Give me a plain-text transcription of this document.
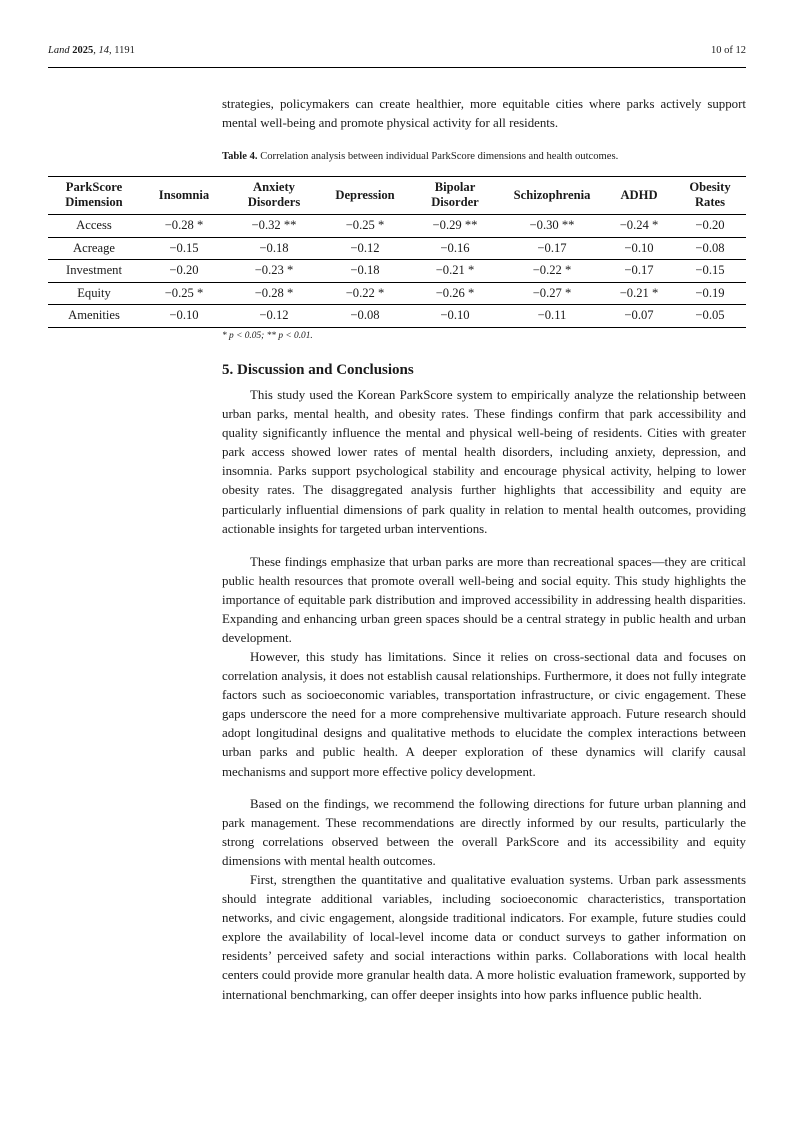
Land 2025, 14, 1191	10 of 12
strategies, policymakers can create healthier, more equitable cities where parks actively support mental well-being and promote physical activity for all residents.
Table 4. Correlation analysis between individual ParkScore dimensions and health outcomes.
ParkScore Dimension	Insomnia	Anxiety Disorders	Depression	Bipolar Disorder	Schizophrenia	ADHD	Obesity Rates
Access	−0.28 *	−0.32 **	−0.25 *	−0.29 **	−0.30 **	−0.24 *	−0.20
Acreage	−0.15	−0.18	−0.12	−0.16	−0.17	−0.10	−0.08
Investment	−0.20	−0.23 *	−0.18	−0.21 *	−0.22 *	−0.17	−0.15
Equity	−0.25 *	−0.28 *	−0.22 *	−0.26 *	−0.27 *	−0.21 *	−0.19
Amenities	−0.10	−0.12	−0.08	−0.10	−0.11	−0.07	−0.05
* p < 0.05; ** p < 0.01.
5. Discussion and Conclusions
This study used the Korean ParkScore system to empirically analyze the relationship between urban parks, mental health, and obesity rates. These findings confirm that park accessibility and quality significantly influence the mental and physical well-being of residents. Cities with greater park access showed lower rates of mental health disorders, including anxiety, depression, and insomnia. Parks support psychological stability and encourage physical activity, helping to lower obesity rates. The disaggregated analysis further highlights that accessibility and equity are particularly influential dimensions of park quality in relation to mental health outcomes, providing actionable insights for targeted urban interventions.
These findings emphasize that urban parks are more than recreational spaces—they are critical public health resources that promote overall well-being and social equity. This study highlights the importance of equitable park distribution and improved accessibility in addressing health disparities. Expanding and enhancing urban green spaces should be a central strategy in public health and urban development.
However, this study has limitations. Since it relies on cross-sectional data and focuses on correlation analysis, it does not establish causal relationships. Furthermore, it does not fully integrate factors such as socioeconomic variables, transportation infrastructure, or civic engagement. These gaps underscore the need for a more comprehensive multivariate approach. Future research should adopt longitudinal designs and qualitative methods to elucidate the complex interactions between urban parks and public health. A deeper exploration of these dynamics will clarify causal mechanisms and support more effective policy development.
Based on the findings, we recommend the following directions for future urban planning and park management. These recommendations are directly informed by our results, particularly the strong correlations observed between the overall ParkScore and its accessibility and equity dimensions with mental health outcomes.
First, strengthen the quantitative and qualitative evaluation systems. Urban park assessments should integrate additional variables, including socioeconomic characteristics, transportation networks, and civic engagement, alongside traditional indicators. For example, future studies could explore the availability of local-level income data or conduct surveys to gather information on residents’ perceived safety and social interactions within parks. Collaborations with local health centers could provide more granular health data. A more holistic evaluation framework, supported by international benchmarking, can offer deeper insights into how parks influence public health.
